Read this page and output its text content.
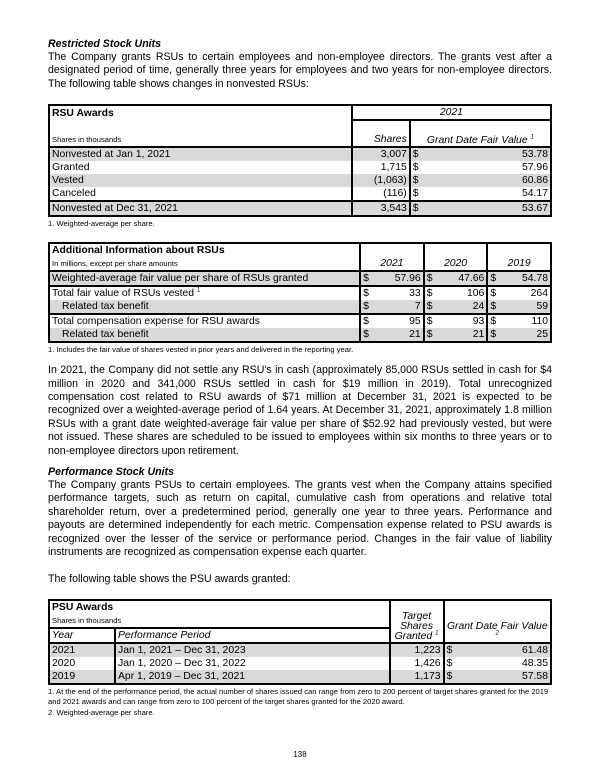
Restricted Stock Units

The Company grants RSUs to certain employees and non-employee directors. The grants vest after a designated period of time, generally three years for employees and two years for non-employee directors. The following table shows changes in nonvested RSUs:

RSU Awards	2021		
Shares in thousands	Shares	Grant Date Fair Value $^1$
Nonvested at Jan 1, 2021	3,007	$	53.78
Granted	1,715	$	57.96
Vested	(1,063)	$	60.86
Canceled	(116)	$	54.17
Nonvested at Dec 31, 2021	3,543	$	53.67

1. Weighted-average per share.

Additional Information about RSUs	2021		2020		2019	

In millions, except per share amounts						
Weighted-average fair value per share of RSUs granted	$	57.96	$	47.66	$	54.78
Total fair value of RSUs vested $^1$	$	33	$	106	$	264
Related tax benefit	$	7	$	24	$	59
Total compensation expense for RSU awards	$	95	$	93	$	110
Related tax benefit	$	21	$	21	$	25

1. Includes the fair value of shares vested in prior years and delivered in the reporting year.

In 2021, the Company did not settle any RSU's in cash (approximately 85,000 RSUs settled in cash for $4 million in 2020 and 341,000 RSUs settled in cash for $19 million in 2019). Total unrecognized compensation cost related to RSU awards of $71 million at December 31, 2021 is expected to be recognized over a weighted-average period of 1.64 years. At December 31, 2021, approximately 1.8 million RSUs with a grant date weighted-average fair value per share of $52.92 had previously vested, but were not issued. These shares are scheduled to be issued to employees within six months to three years or to non-employee directors upon retirement.

Performance Stock Units

The Company grants PSUs to certain employees. The grants vest when the Company attains specified performance targets, such as return on capital, cumulative cash from operations and relative total shareholder return, over a predetermined period, generally one year to three years. Performance and payouts are determined independently for each metric. Compensation expense related to PSU awards is recognized over the lesser of the service or performance period. Changes in the fair value of liability instruments are recognized as compensation expense each quarter.

The following table shows the PSU awards granted:

PSU Awards		Target Shares Granted $^1$	Grant Date Fair Value $^2$
Shares in thousands				
Year	Performance Period			
2021	Jan 1, 2021 – Dec 31, 2023	1,223	$	61.48
2020	Jan 1, 2020 – Dec 31, 2022	1,426	$	48.35
2019	Apr 1, 2019 – Dec 31, 2021	1,173	$	57.58

1. At the end of the performance period, the actual number of shares issued can range from zero to 200 percent of target shares granted for the 2019 and 2021 awards and can range from zero to 100 percent of the target shares granted for the 2020 award.

2. Weighted-average per share.

138
